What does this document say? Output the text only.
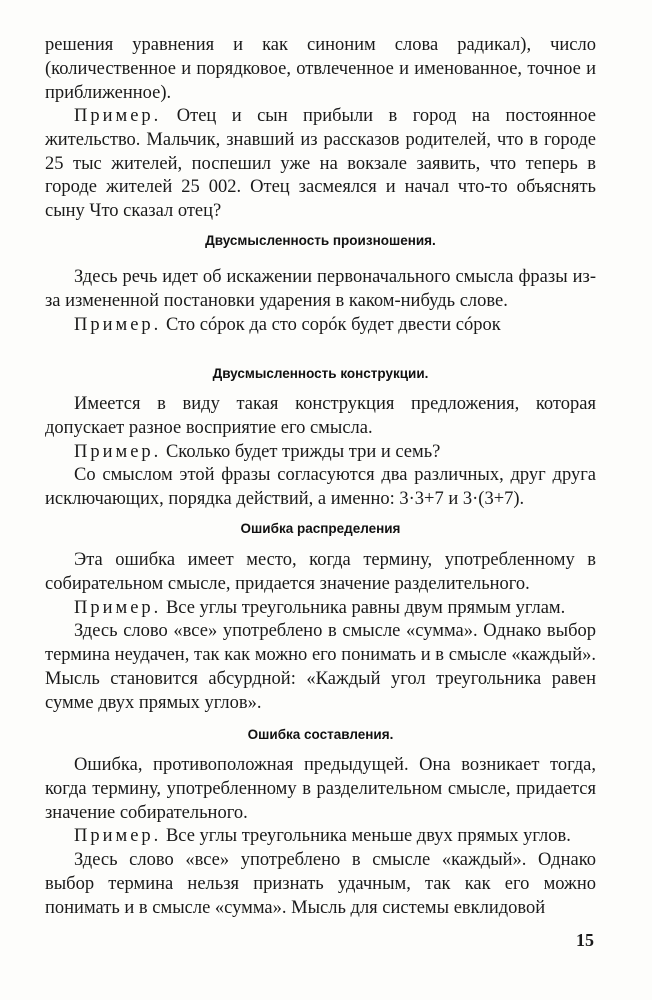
решения уравнения и как синоним слова радикал), число (количественное и порядковое, отвлеченное и именованное, точное и приближенное).

Пример. Отец и сын прибыли в город на постоянное жительство. Мальчик, знавший из рассказов родителей, что в городе 25 тыс жителей, поспешил уже на вокзале заявить, что теперь в городе жителей 25 002. Отец засмеялся и начал что-то объяснять сыну Что сказал отец?

Двусмысленность произношения.

Здесь речь идет об искажении первоначального смысла фразы из-за измененной постановки ударения в каком-нибудь слове.

Пример. Сто сóрок да сто сорóк будет двести сóрок

Двусмысленность конструкции.

Имеется в виду такая конструкция предложения, которая допускает разное восприятие его смысла.

Пример. Сколько будет трижды три и семь?

Со смыслом этой фразы согласуются два различных, друг друга исключающих, порядка действий, а именно: 3·3+7 и 3·(3+7).

Ошибка распределения

Эта ошибка имеет место, когда термину, употребленному в собирательном смысле, придается значение разделительного.

Пример. Все углы треугольника равны двум прямым углам.

Здесь слово «все» употреблено в смысле «сумма». Однако выбор термина неудачен, так как можно его понимать и в смысле «каждый». Мысль становится абсурдной: «Каждый угол треугольника равен сумме двух прямых углов».

Ошибка составления.

Ошибка, противоположная предыдущей. Она возникает тогда, когда термину, употребленному в разделительном смысле, придается значение собирательного.

Пример. Все углы треугольника меньше двух прямых углов.

Здесь слово «все» употреблено в смысле «каждый». Однако выбор термина нельзя признать удачным, так как его можно понимать и в смысле «сумма». Мысль для системы евклидовой

15
